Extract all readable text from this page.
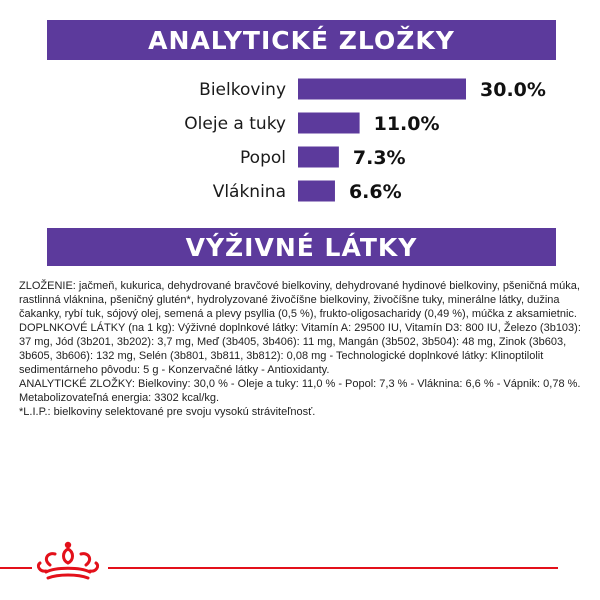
ANALYTICKÉ ZLOŽKY
Bielkoviny	30.0%
Oleje a tuky	11.0%
Popol	7.3%
Vláknina	6.6%
VÝŽIVNÉ LÁTKY

ZLOŽENIE: jačmeň, kukurica, dehydrované bravčové bielkoviny, dehydrované hydinové bielkoviny, pšeničná múka, rastlinná vláknina, pšeničný glutén*, hydrolyzované živočíšne bielkoviny, živočíšne tuky, minerálne látky, dužina čakanky, rybí tuk, sójový olej, semená a plevy psyllia (0,5 %), frukto-oligosacharidy (0,49 %), múčka z aksamietnic.

DOPLNKOVÉ LÁTKY (na 1 kg): Výživné doplnkové látky: Vitamín A: 29500 IU, Vitamín D3: 800 IU, Železo (3b103): 37 mg, Jód (3b201, 3b202): 3,7 mg, Meď (3b405, 3b406): 11 mg, Mangán (3b502, 3b504): 48 mg, Zinok (3b603, 3b605, 3b606): 132 mg, Selén (3b801, 3b811, 3b812): 0,08 mg - Technologické doplnkové látky: Klinoptilolit sedimentárneho pôvodu: 5 g - Konzervačné látky - Antioxidanty.

ANALYTICKÉ ZLOŽKY: Bielkoviny: 30,0 % - Oleje a tuky: 11,0 % - Popol: 7,3 % - Vláknina: 6,6 % - Vápnik: 0,78 %.

Metabolizovateľná energia: 3302 kcal/kg.

*L.I.P.: bielkoviny selektované pre svoju vysokú stráviteľnosť.
